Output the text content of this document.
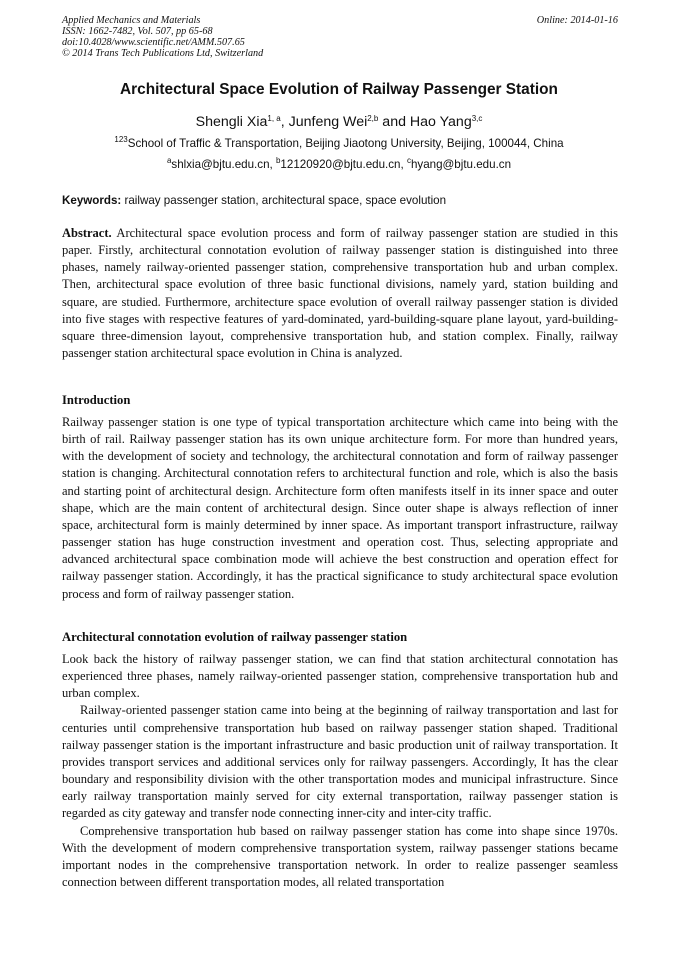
Applied Mechanics and Materials
ISSN: 1662-7482, Vol. 507, pp 65-68
doi:10.4028/www.scientific.net/AMM.507.65
© 2014 Trans Tech Publications Ltd, Switzerland
Online: 2014-01-16
Architectural Space Evolution of Railway Passenger Station
Shengli Xia$^{1, a}$, Junfeng Wei$^{2,b}$ and Hao Yang$^{3,c}$
$^{123}$School of Traffic & Transportation, Beijing Jiaotong University, Beijing, 100044, China
$^a$shlxia@bjtu.edu.cn, $^b$12120920@bjtu.edu.cn, $^c$hyang@bjtu.edu.cn
Keywords: railway passenger station, architectural space, space evolution

Abstract. Architectural space evolution process and form of railway passenger station are studied in this paper. Firstly, architectural connotation evolution of railway passenger station is distinguished into three phases, namely railway-oriented passenger station, comprehensive transportation hub and urban complex. Then, architectural space evolution of three basic functional divisions, namely yard, station building and square, are studied. Furthermore, architecture space evolution of overall railway passenger station is divided into five stages with respective features of yard-dominated, yard-building-square plane layout, yard-building-square three-dimension layout, comprehensive transportation hub, and station complex. Finally, railway passenger station architectural space evolution in China is analyzed.

Introduction

Railway passenger station is one type of typical transportation architecture which came into being with the birth of rail. Railway passenger station has its own unique architecture form. For more than hundred years, with the development of society and technology, the architectural connotation and form of railway passenger station is changing. Architectural connotation refers to architectural function and role, which is also the basis and starting point of architectural design. Architecture form often manifests itself in its inner space and outer shape, which are the main content of architectural design. Since outer shape is always reflection of inner space, architectural form is mainly determined by inner space. As important transport infrastructure, railway passenger station has huge construction investment and operation cost. Thus, selecting appropriate and advanced architectural space combination mode will achieve the best construction and operation effect for railway passenger station. Accordingly, it has the practical significance to study architectural space evolution process and form of railway passenger station.

Architectural connotation evolution of railway passenger station

Look back the history of railway passenger station, we can find that station architectural connotation has experienced three phases, namely railway-oriented passenger station, comprehensive transportation hub and urban complex.

Railway-oriented passenger station came into being at the beginning of railway transportation and last for centuries until comprehensive transportation hub based on railway passenger station shaped. Traditional railway passenger station is the important infrastructure and basic production unit of railway transportation. It provides transport services and additional services only for railway passengers. Accordingly, It has the clear boundary and responsibility division with the other transportation modes and municipal infrastructure. Since early railway transportation mainly served for city external transportation, railway passenger station is regarded as city gateway and transfer node connecting inner-city and inter-city traffic.

Comprehensive transportation hub based on railway passenger station has come into shape since 1970s. With the development of modern comprehensive transportation system, railway passenger stations became important nodes in the comprehensive transportation network. In order to realize passenger seamless connection between different transportation modes, all related transportation
